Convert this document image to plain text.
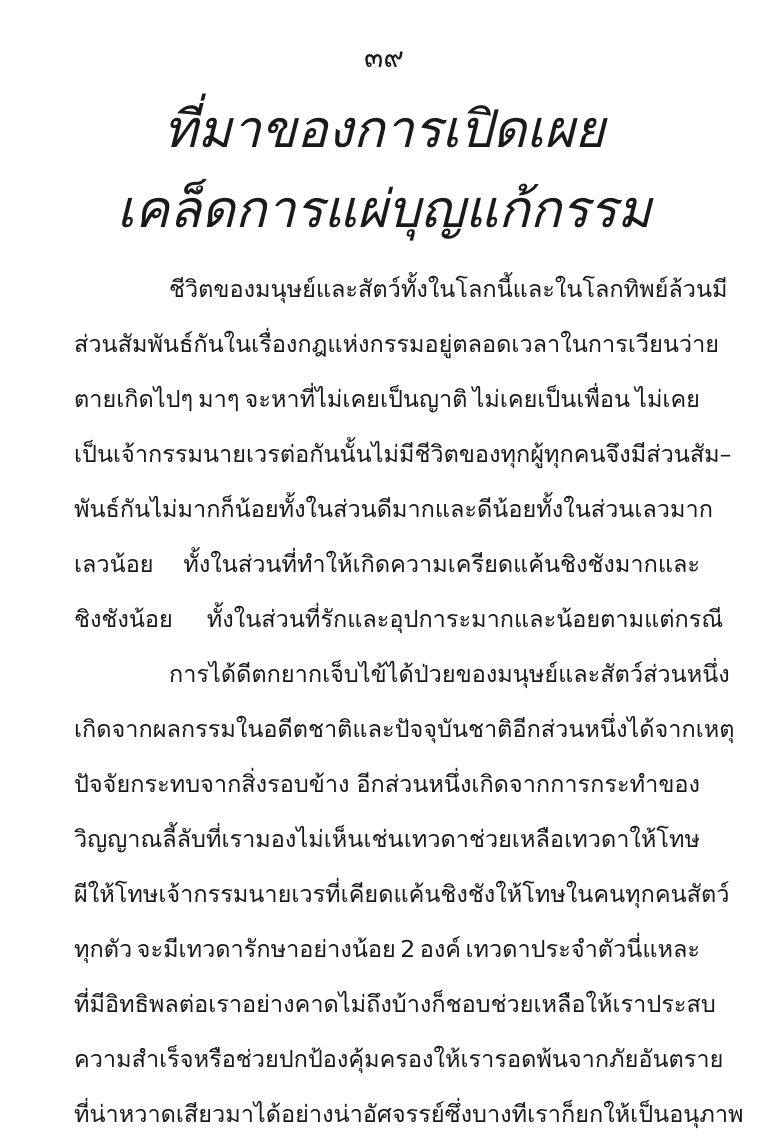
๓๙
ที่มาของการเปิดเผย
เคล็ดการแผ่บุญแก้กรรม
ชีวิตของมนุษย์และสัตว์ ทั้งในโลกนี้และในโลกทิพย์ล้วนมี
ส่วนสัมพันธ์กันในเรื่องกฎแห่งกรรมอยู่ตลอดเวลา ในการเวียนว่าย
ตายเกิดไปๆ มาๆ จะหาที่ไม่เคยเป็นญาติ ไม่เคยเป็นเพื่อน ไม่เคย
เป็นเจ้ากรรมนายเวรต่อกันนั้นไม่มี ชีวิตของทุกผู้ทุกคนจึงมีส่วนสัม–
พันธ์กันไม่มากก็น้อย ทั้งในส่วนดีมากและดีน้อย ทั้งในส่วนเลวมาก
เลวน้อย ทั้งในส่วนที่ทำให้เกิดความเครียดแค้นชิงชังมากและ
ชิงชังน้อย ทั้งในส่วนที่รักและอุปการะมากและน้อยตามแต่กรณี
การได้ดีตกยาก เจ็บไข้ได้ป่วย ของมนุษย์และสัตว์ส่วนหนึ่ง
เกิดจากผลกรรมในอดีตชาติและปัจจุบันชาติ อีกส่วนหนึ่งได้จากเหตุ
ปัจจัยกระทบจากสิ่งรอบข้าง อีกส่วนหนึ่งเกิดจากการกระทำของ
วิญญาณลี้ลับที่เรามองไม่เห็น เช่น เทวดาช่วยเหลือ เทวดาให้โทษ
ผีให้โทษ เจ้ากรรมนายเวรที่เคียดแค้นชิงชังให้โทษ ในคนทุกคนสัตว์
ทุกตัว จะมีเทวดารักษาอย่างน้อย 2 องค์ เทวดาประจำตัวนี่แหละ
ที่มีอิทธิพลต่อเราอย่างคาดไม่ถึง บ้างก็ชอบช่วยเหลือให้เราประสบ
ความสำเร็จ หรือช่วยปกป้องคุ้มครองให้เรารอดพ้นจากภัยอันตราย
ที่น่าหวาดเสียวมาได้อย่างน่าอัศจรรย์ซึ่งบางทีเราก็ยกให้เป็นอนุภาพ
